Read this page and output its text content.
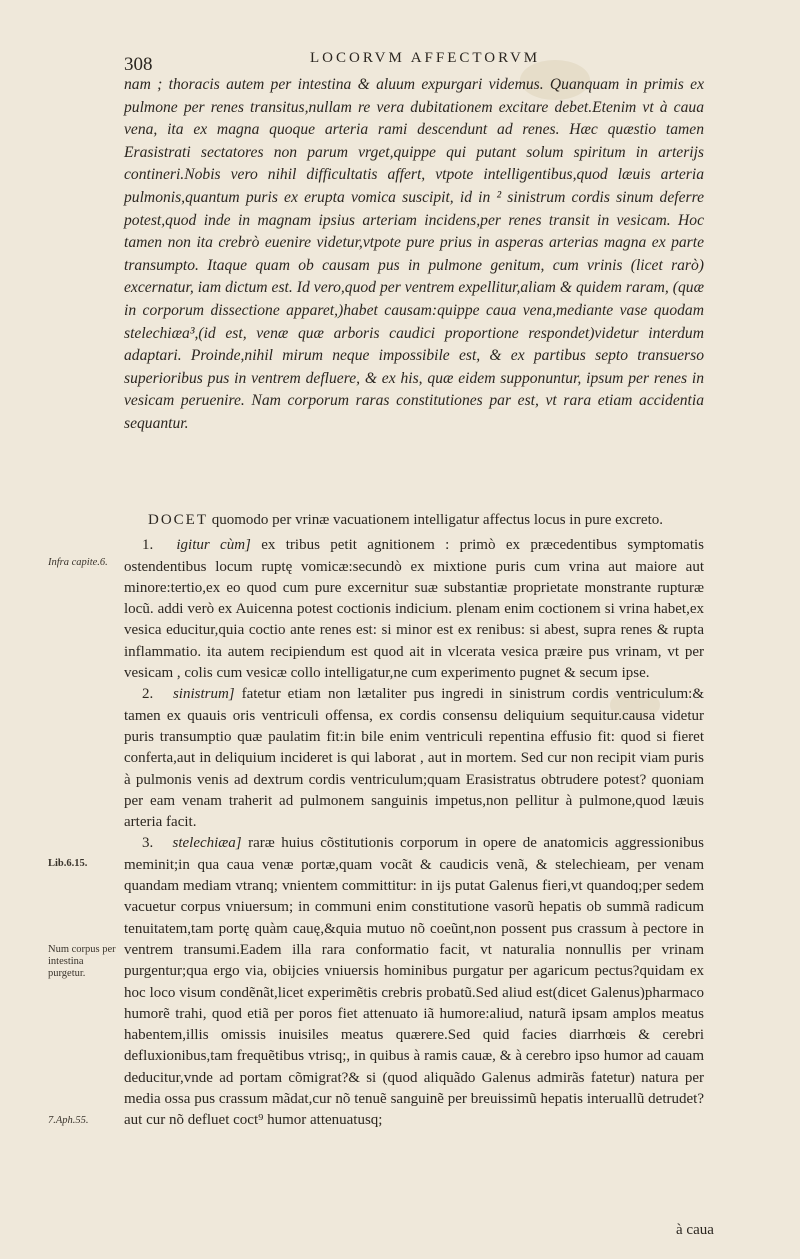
308	LOCORVM AFFECTORVM

nam ; thoracis autem per intestina & aluum expurgari videmus. Quanquam in primis ex pulmone per renes transitus,nullam re vera dubitationem excitare debet.Etenim vt à caua vena, ita ex magna quoque arteria rami descendunt ad renes. Hæc quæstio tamen Erasistrati sectatores non parum vrget,quippe qui putant solum spiritum in arterijs contineri.Nobis vero nihil difficultatis affert, vtpote intelligentibus,quod læuis arteria pulmonis,quantum puris ex erupta vomica suscipit, id in ² sinistrum cordis sinum deferre potest,quod inde in magnam ipsius arteriam incidens,per renes transit in vesicam. Hoc tamen non ita crebrò euenire videtur,vtpote pure prius in asperas arterias magna ex parte transumpto. Itaque quam ob causam pus in pulmone genitum, cum vrinis (licet rarò) excernatur, iam dictum est. Id vero,quod per ventrem expellitur,aliam & quidem raram, (quæ in corporum dissectione apparet,)habet causam:quippe caua vena,mediante vase quodam stelechiæa³,(id est, venæ quæ arboris caudici proportione respondet)videtur interdum adaptari. Proinde,nihil mirum neque impossibile est, & ex partibus septo transuerso superioribus pus in ventrem defluere, & ex his, quæ eidem supponuntur, ipsum per renes in vesicam peruenire. Nam corporum raras constitutiones par est, vt rara etiam accidentia sequantur.

DOCET quomodo per vrinæ vacuationem intelligatur affectus locus in pure excreto.

1. igitur cùm] ex tribus petit agnitionem : primò ex præcedentibus symptomatis ostendentibus locum ruptę vomicæ:secundò ex mixtione puris cum vrina aut maiore aut minore:tertio,ex eo quod cum pure excernitur suæ substantiæ proprietate monstrante rupturæ locũ. addi verò ex Auicenna potest coctionis indicium. plenam enim coctionem si vrina habet,ex vesica educitur,quia coctio ante renes est: si minor est ex renibus: si abest, supra renes & rupta inflammatio. ita autem recipiendum est quod ait in vlcerata vesica præire pus vrinam, vt per vesicam , colis cum vesicæ collo intelligatur,ne cum experimento pugnet & secum ipse.

2. sinistrum] fatetur etiam non lætaliter pus ingredi in sinistrum cordis ventriculum:& tamen ex quauis oris ventriculi offensa, ex cordis consensu deliquium sequitur.causa videtur puris transumptio quæ paulatim fit:in bile enim ventriculi repentina effusio fit: quod si fieret conferta,aut in deliquium incideret is qui laborat , aut in mortem. Sed cur non recipit viam puris à pulmonis venis ad dextrum cordis ventriculum;quam Erasistratus obtrudere potest? quoniam per eam venam traherit ad pulmonem sanguinis impetus,non pellitur à pulmone,quod læuis arteria facit.

3. stelechiæa] raræ huius cõstitutionis corporum in opere de anatomicis aggressionibus meminit;in qua caua venæ portæ,quam vocãt & caudicis venã, & stelechieam, per venam quandam mediam vtranq; vnientem committitur: in ijs putat Galenus fieri,vt quandoq;per sedem vacuetur corpus vniuersum; in communi enim constitutione vasorũ hepatis ob summã radicum tenuitatem,tam portę quàm cauę,&quia mutuo nõ coeũnt,non possent pus crassum à pectore in ventrem transumi.Eadem illa rara conformatio facit, vt naturalia nonnullis per vrinam purgentur;qua ergo via, obijcies vniuersis hominibus purgatur per agaricum pectus?quidam ex hoc loco visum condẽnãt,licet experimẽtis crebris probatũ.Sed aliud est(dicet Galenus)pharmaco humorẽ trahi, quod etiã per poros fiet attenuato iã humore:aliud, naturã ipsam amplos meatus habentem,illis omissis inuisiles meatus quærere.Sed quid facies diarrhœis & cerebri defluxionibus,tam frequẽtibus vtrisq;, in quibus à ramis cauæ, & à cerebro ipso humor ad cauam deducitur,vnde ad portam cõmigrat?& si (quod aliquãdo Galenus admirãs fatetur) natura per media ossa pus crassum mãdat,cur nõ tenuẽ sanguinẽ per breuissimũ hepatis interuallũ detrudet?aut cur nõ defluet coct⁹ humor attenuatusq;

Infra capite.6.
Lib.6.15.
Num corpus per intestina purgetur.
7.Aph.55.
à caua
